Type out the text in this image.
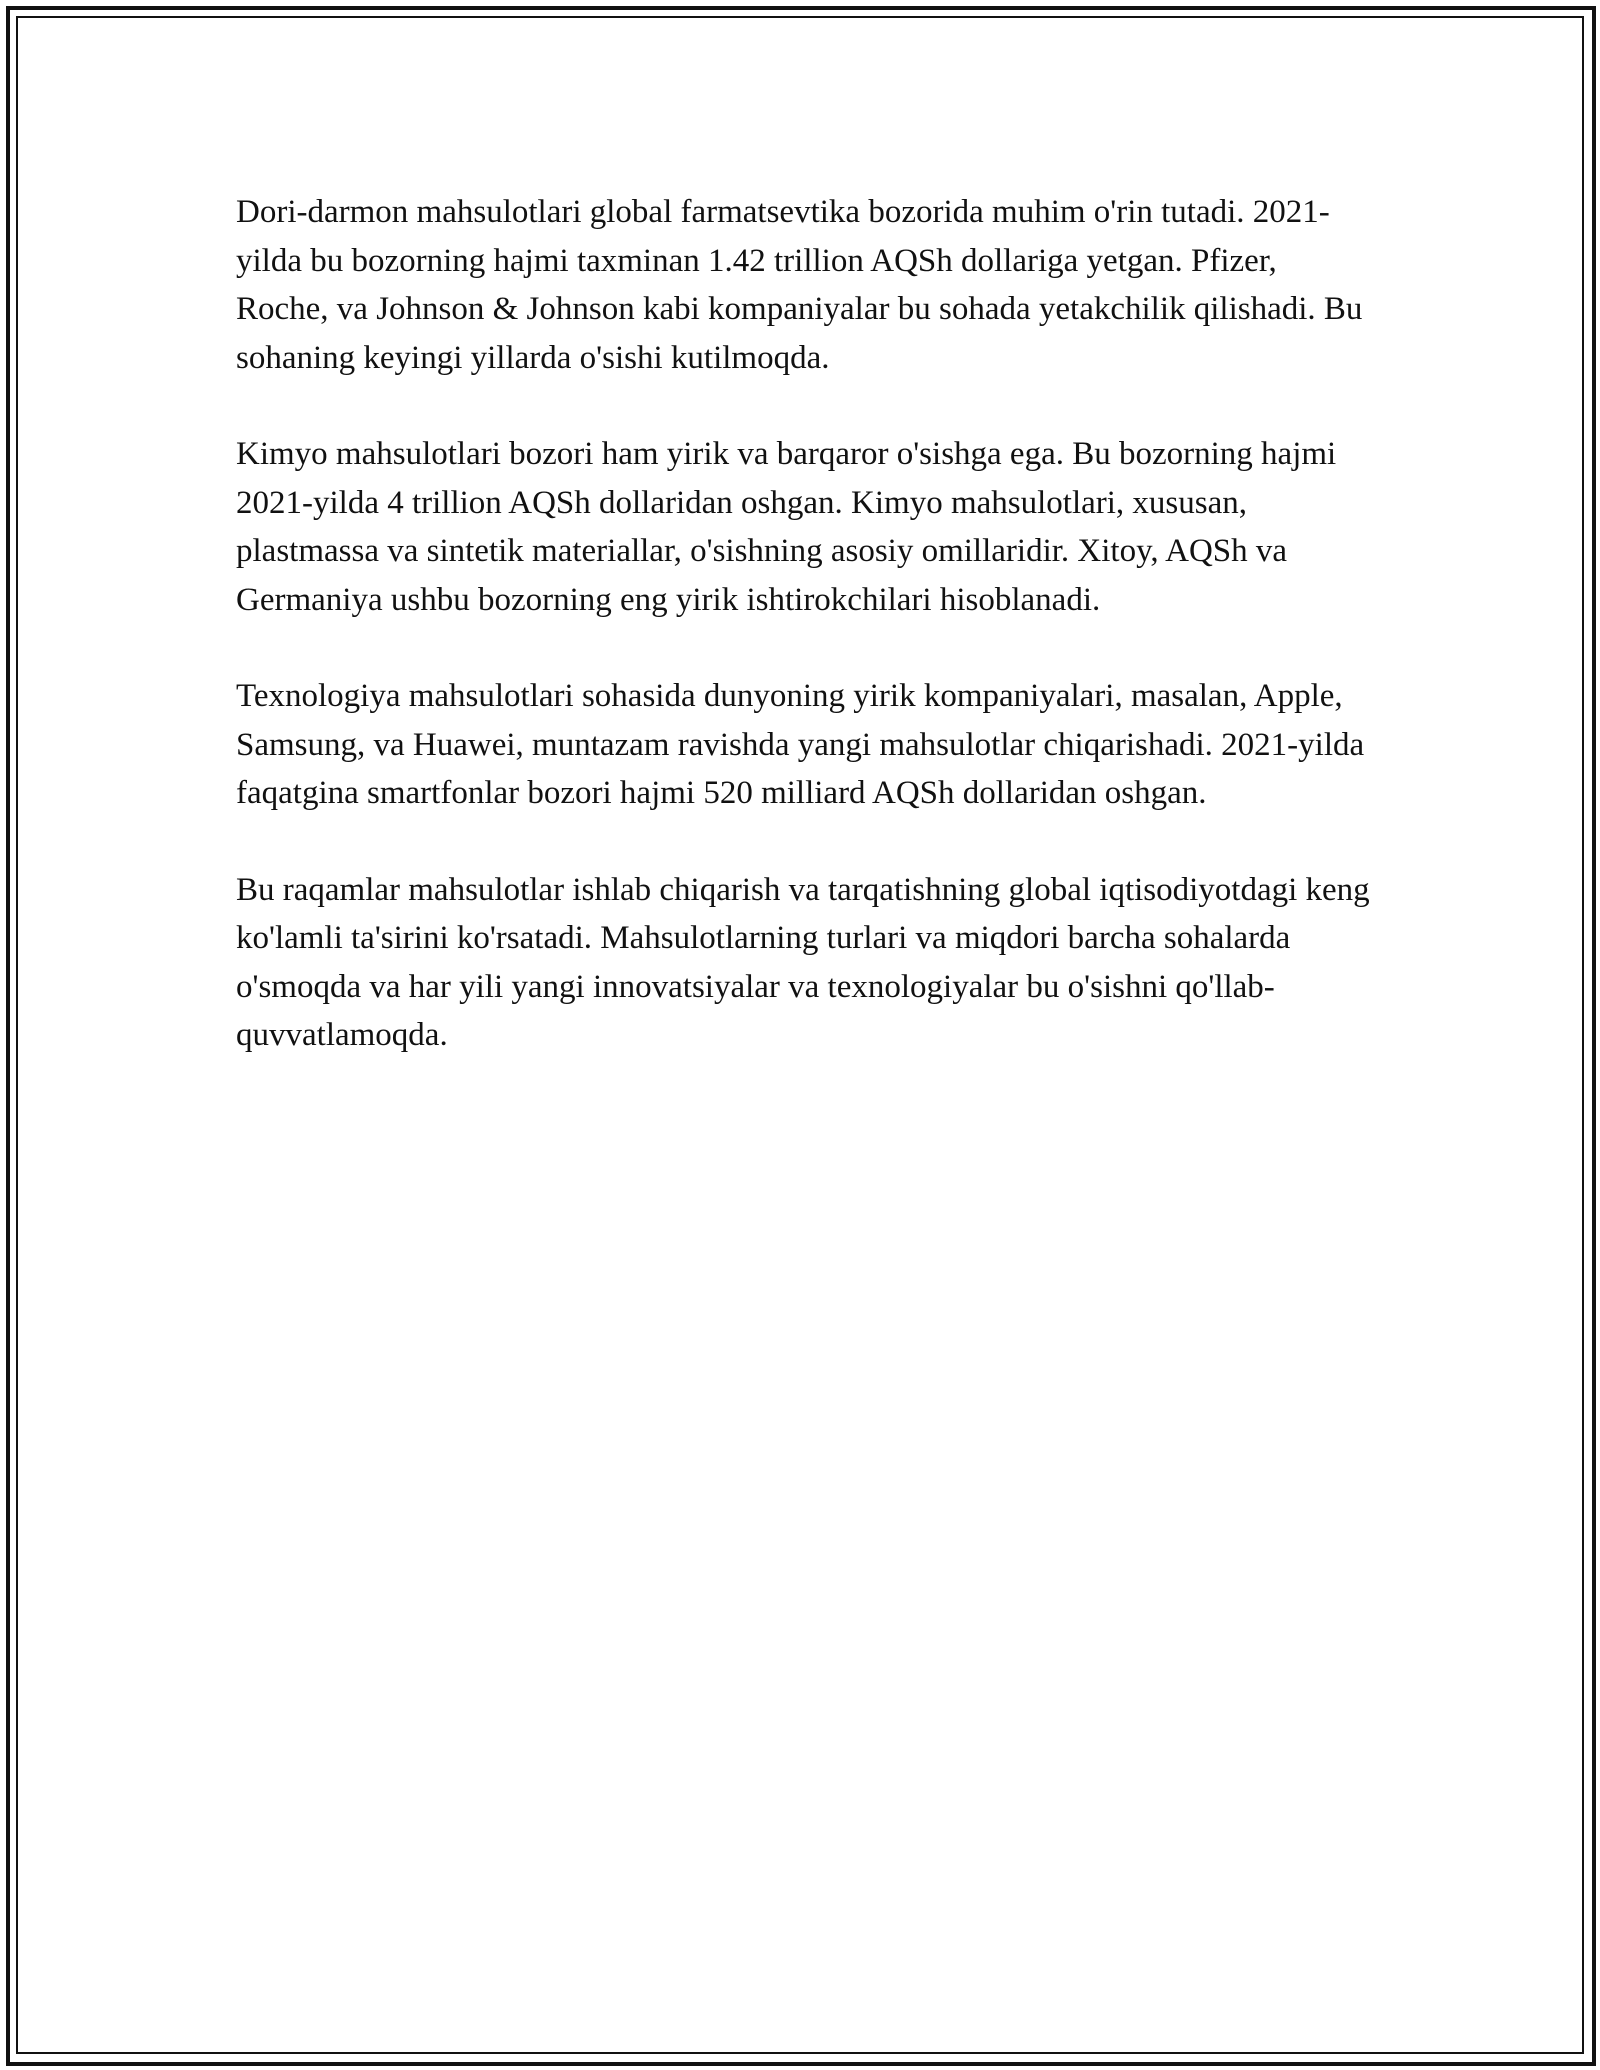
Dori-darmon mahsulotlari global farmatsevtika bozorida muhim o'rin tutadi. 2021-yilda bu bozorning hajmi taxminan 1.42 trillion AQSh dollariga yetgan. Pfizer, Roche, va Johnson & Johnson kabi kompaniyalar bu sohada yetakchilik qilishadi. Bu sohaning keyingi yillarda o'sishi kutilmoqda.

Kimyo mahsulotlari bozori ham yirik va barqaror o'sishga ega. Bu bozorning hajmi 2021-yilda 4 trillion AQSh dollaridan oshgan. Kimyo mahsulotlari, xususan, plastmassa va sintetik materiallar, o'sishning asosiy omillaridir. Xitoy, AQSh va Germaniya ushbu bozorning eng yirik ishtirokchilari hisoblanadi.

Texnologiya mahsulotlari sohasida dunyoning yirik kompaniyalari, masalan, Apple, Samsung, va Huawei, muntazam ravishda yangi mahsulotlar chiqarishadi. 2021-yilda faqatgina smartfonlar bozori hajmi 520 milliard AQSh dollaridan oshgan.

Bu raqamlar mahsulotlar ishlab chiqarish va tarqatishning global iqtisodiyotdagi keng ko'lamli ta'sirini ko'rsatadi. Mahsulotlarning turlari va miqdori barcha sohalarda o'smoqda va har yili yangi innovatsiyalar va texnologiyalar bu o'sishni qo'llab-quvvatlamoqda.
